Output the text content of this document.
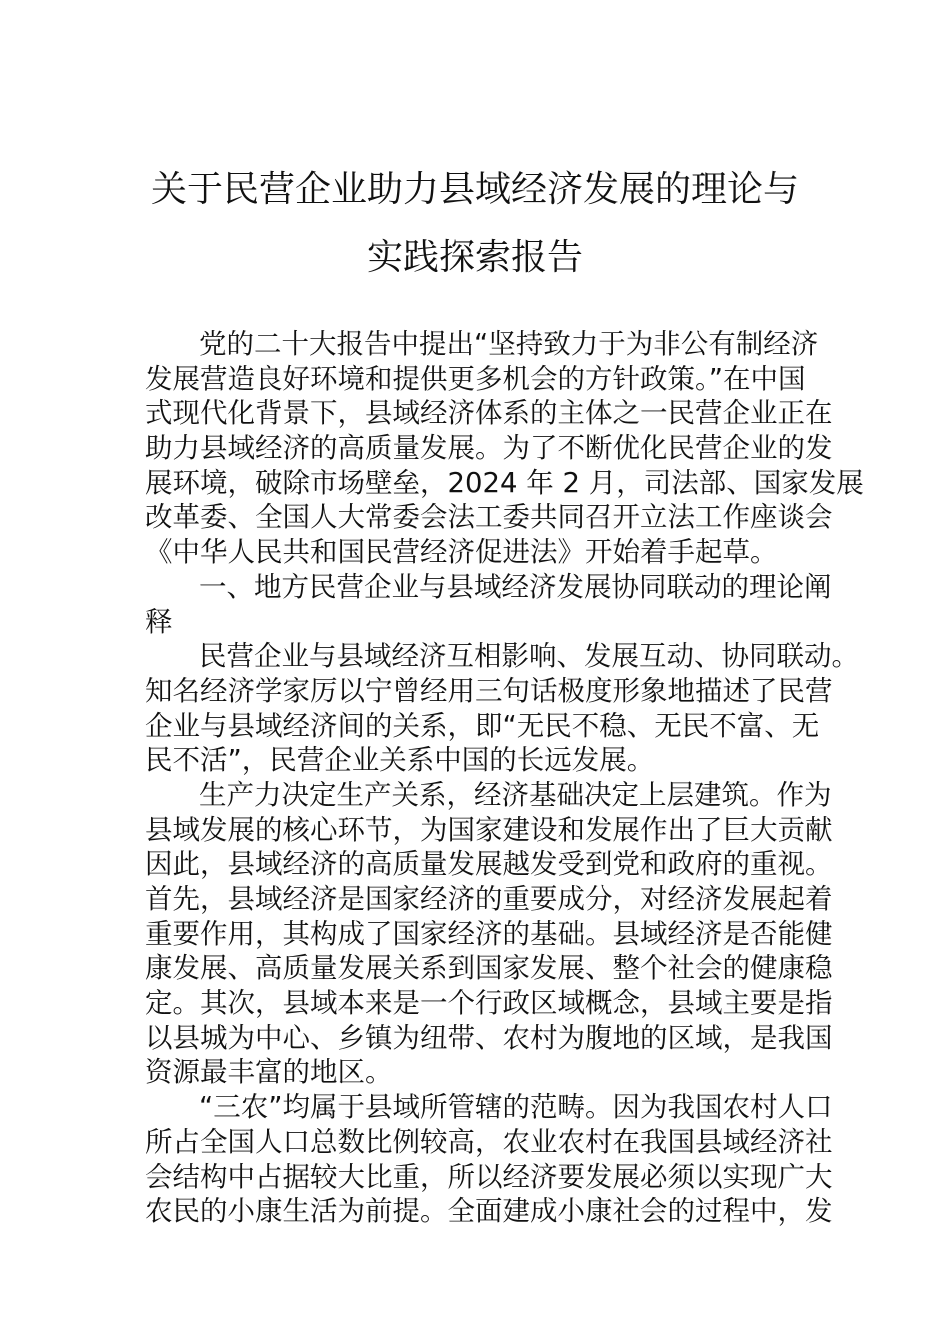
关于民营企业助力县域经济发展的理论与
实践探索报告
党的二十大报告中提出“坚持致力于为非公有制经济
发展营造良好环境和提供更多机会的方针政策。”在中国
式现代化背景下，县域经济体系的主体之一民营企业正在
助力县域经济的高质量发展。为了不断优化民营企业的发
展环境，破除市场壁垒，2024 年 2 月，司法部、国家发展
改革委、全国人大常委会法工委共同召开立法工作座谈会
《中华人民共和国民营经济促进法》开始着手起草。
一、地方民营企业与县域经济发展协同联动的理论阐
释
民营企业与县域经济互相影响、发展互动、协同联动。
知名经济学家厉以宁曾经用三句话极度形象地描述了民营
企业与县域经济间的关系，即“无民不稳、无民不富、无
民不活”，民营企业关系中国的长远发展。
生产力决定生产关系，经济基础决定上层建筑。作为
县域发展的核心环节，为国家建设和发展作出了巨大贡献
因此，县域经济的高质量发展越发受到党和政府的重视。
首先，县域经济是国家经济的重要成分，对经济发展起着
重要作用，其构成了国家经济的基础。县域经济是否能健
康发展、高质量发展关系到国家发展、整个社会的健康稳
定。其次，县域本来是一个行政区域概念，县域主要是指
以县城为中心、乡镇为纽带、农村为腹地的区域，是我国
资源最丰富的地区。
“三农”均属于县域所管辖的范畴。因为我国农村人口
所占全国人口总数比例较高，农业农村在我国县域经济社
会结构中占据较大比重，所以经济要发展必须以实现广大
农民的小康生活为前提。全面建成小康社会的过程中，发
